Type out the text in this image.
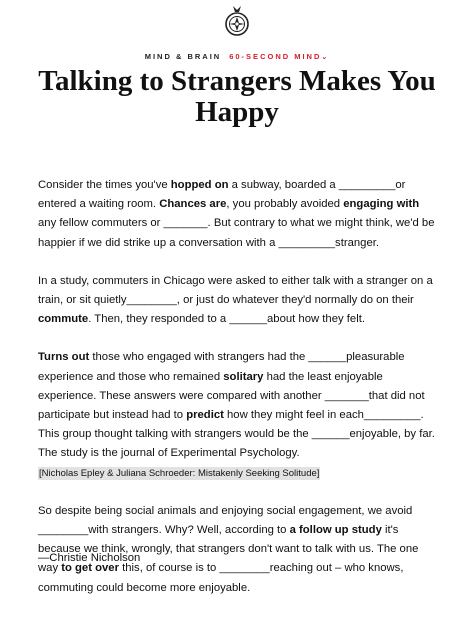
MIND & BRAIN 60-SECOND MIND⌄
Talking to Strangers Makes You Happy

Consider the times you've hopped on a subway, boarded a _________or entered a waiting room. Chances are, you probably avoided engaging with any fellow commuters or _______. But contrary to what we might think, we'd be happier if we did strike up a conversation with a _________stranger.

In a study, commuters in Chicago were asked to either talk with a stranger on a train, or sit quietly________, or just do whatever they'd normally do on their commute. Then, they responded to a ______about how they felt.

Turns out those who engaged with strangers had the ______pleasurable experience and those who remained solitary had the least enjoyable experience. These answers were compared with another _______that did not participate but instead had to predict how they might feel in each_________. This group thought talking with strangers would be the ______enjoyable, by far. The study is the journal of Experimental Psychology. [Nicholas Epley & Juliana Schroeder: Mistakenly Seeking Solitude]

So despite being social animals and enjoying social engagement, we avoid ________with strangers. Why? Well, according to a follow up study it's because we think, wrongly, that strangers don't want to talk with us. The one way to get over this, of course is to ________reaching out – who knows, commuting could become more enjoyable.

—Christie Nicholson
